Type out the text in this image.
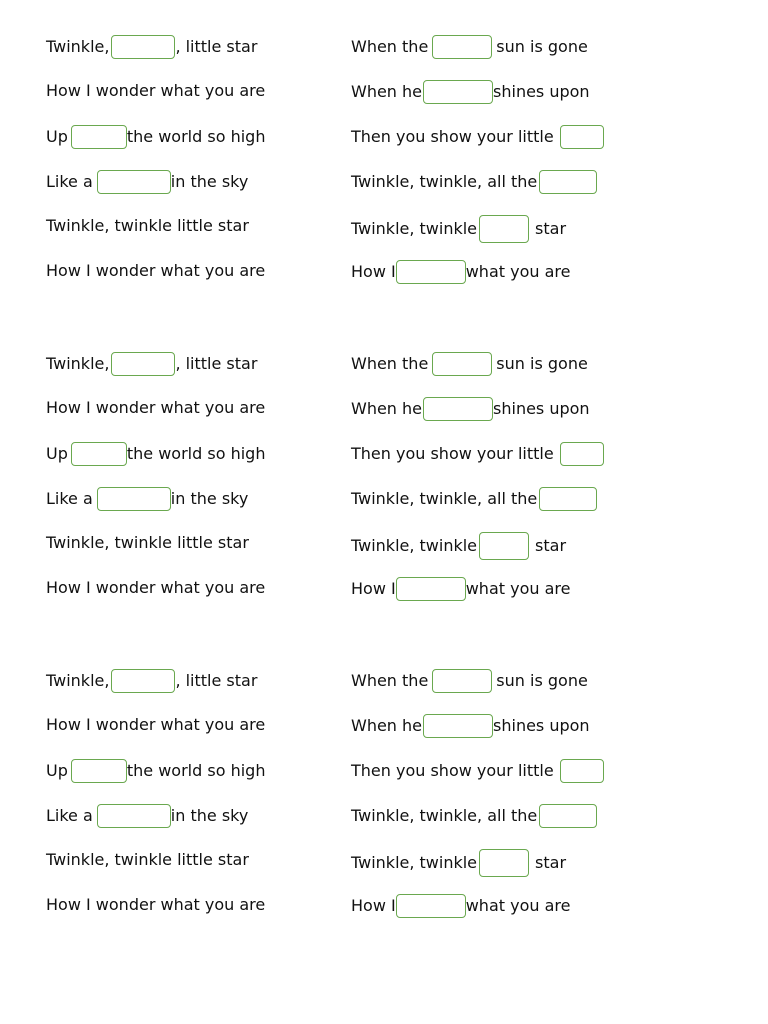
Twinkle,	, little star
How I wonder what you are
Up	the world so high
Like a	in the sky
Twinkle, twinkle little star
How I wonder what you are
When the	sun is gone
When he	shines upon
Then you show your little
Twinkle, twinkle, all the
Twinkle, twinkle	star
How I	what you are
Twinkle,	, little star
How I wonder what you are
Up	the world so high
Like a	in the sky
Twinkle, twinkle little star
How I wonder what you are
When the	sun is gone
When he	shines upon
Then you show your little
Twinkle, twinkle, all the
Twinkle, twinkle	star
How I	what you are
Twinkle,	, little star
How I wonder what you are
Up	the world so high
Like a	in the sky
Twinkle, twinkle little star
How I wonder what you are
When the	sun is gone
When he	shines upon
Then you show your little
Twinkle, twinkle, all the
Twinkle, twinkle	star
How I	what you are
